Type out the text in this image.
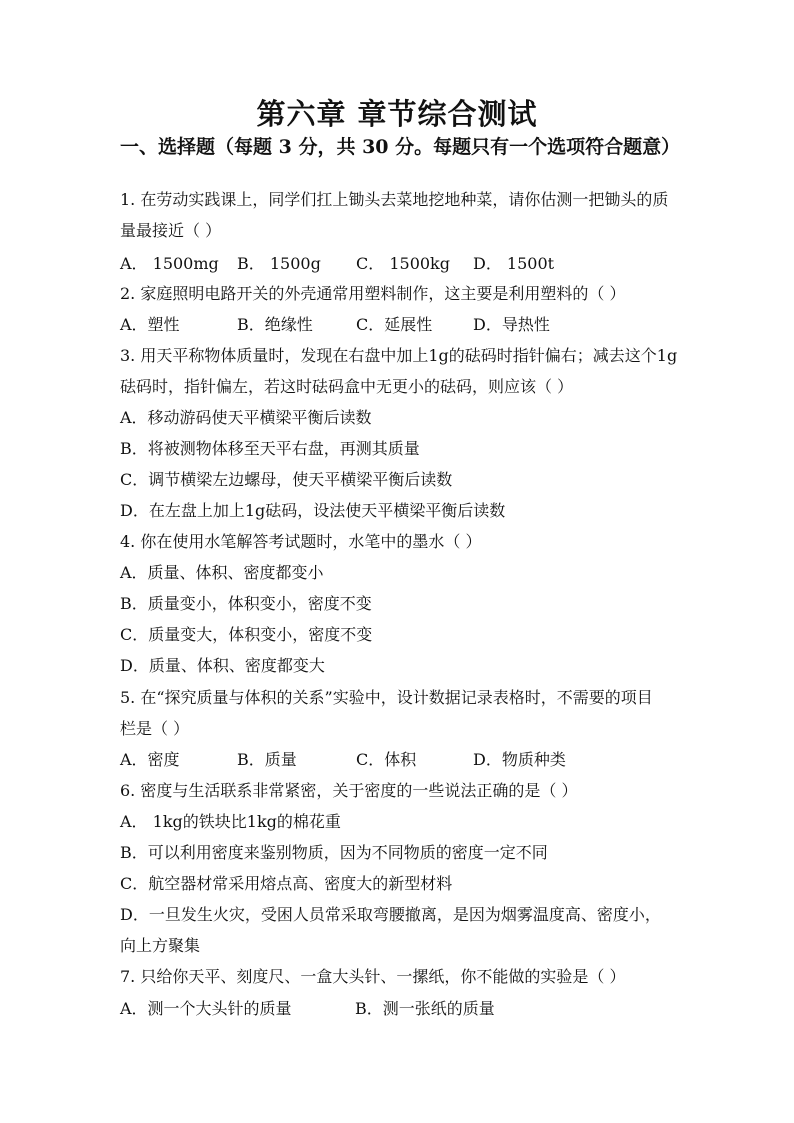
第六章 章节综合测试
一、选择题（每题 3 分，共 30 分。每题只有一个选项符合题意）
1. 在劳动实践课上，同学们扛上锄头去菜地挖地种菜，请你估测一把锄头的质
量最接近（ ）
A． 1500mg B． 1500g C． 1500kg D． 1500t
2. 家庭照明电路开关的外壳通常用塑料制作，这主要是利用塑料的（ ）
A．塑性	B．绝缘性	C．延展性	D．导热性
3. 用天平称物体质量时，发现在右盘中加上1g的砝码时指针偏右；减去这个1g
砝码时，指针偏左，若这时砝码盒中无更小的砝码，则应该（ ）
A．移动游码使天平横梁平衡后读数
B．将被测物体移至天平右盘，再测其质量
C．调节横梁左边螺母，使天平横梁平衡后读数
D．在左盘上加上1g砝码，设法使天平横梁平衡后读数
4. 你在使用水笔解答考试题时，水笔中的墨水（ ）
A．质量、体积、密度都变小
B．质量变小，体积变小，密度不变
C．质量变大，体积变小，密度不变
D．质量、体积、密度都变大
5. 在“探究质量与体积的关系”实验中，设计数据记录表格时，不需要的项目
栏是（ ）
A．密度	B．质量	C．体积	D．物质种类
6. 密度与生活联系非常紧密，关于密度的一些说法正确的是（ ）
A． 1kg的铁块比1kg的棉花重
B．可以利用密度来鉴别物质，因为不同物质的密度一定不同
C．航空器材常采用熔点高、密度大的新型材料
D．一旦发生火灾，受困人员常采取弯腰撤离，是因为烟雾温度高、密度小，
向上方聚集
7. 只给你天平、刻度尺、一盒大头针、一摞纸，你不能做的实验是（ ）
A．测一个大头针的质量	B．测一张纸的质量
